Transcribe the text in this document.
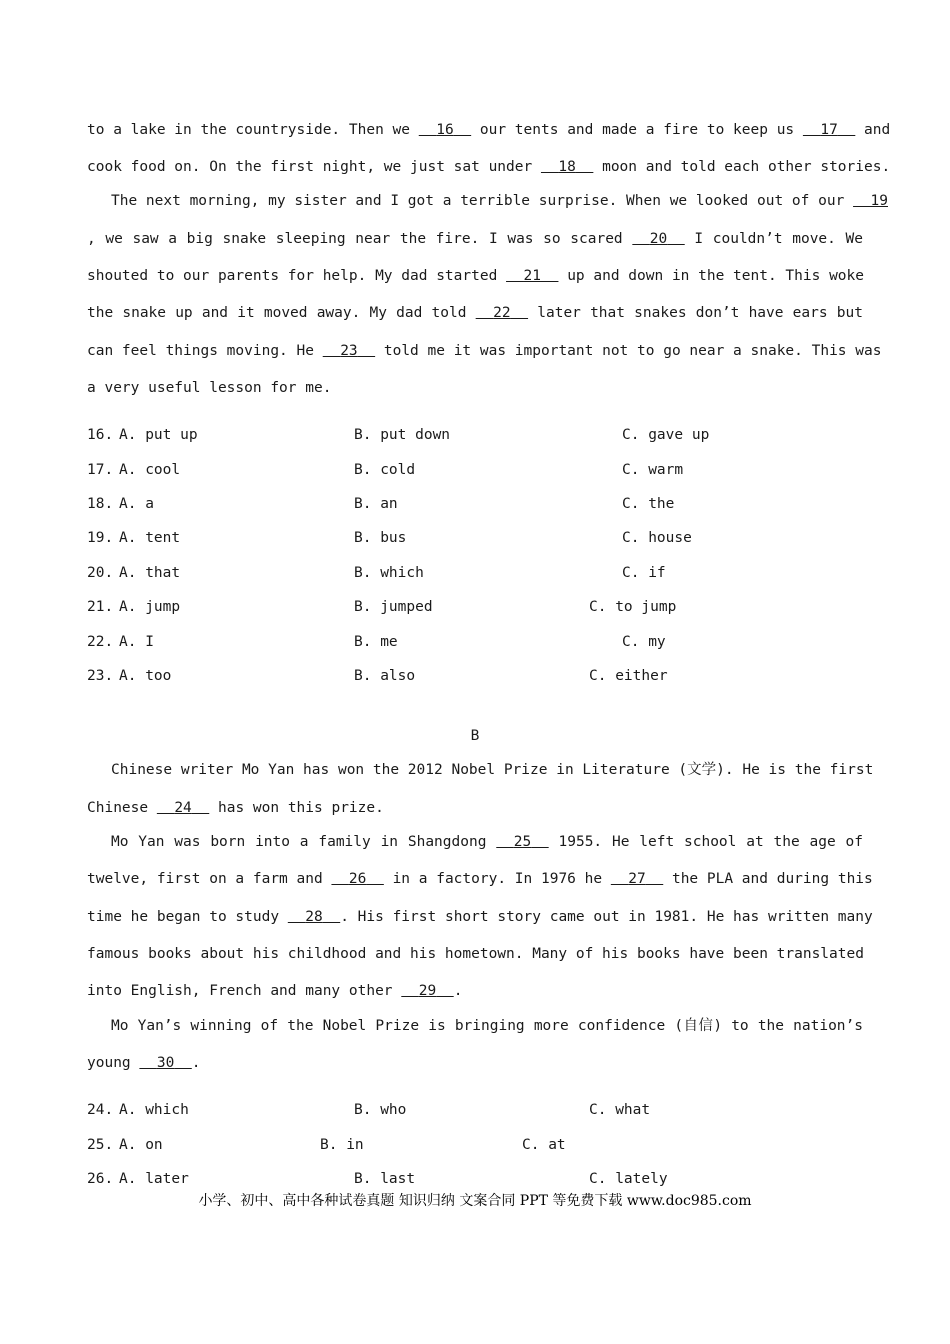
to a lake in the countryside. Then we 16 our tents and made a fire to keep us 17 and
cook food on. On the first night, we just sat under 18 moon and told each other stories.
The next morning, my sister and I got a terrible surprise. When we looked out of our 19
, we saw a big snake sleeping near the fire. I was so scared 20 I couldn’t move. We
shouted to our parents for help. My dad started 21 up and down in the tent. This woke
the snake up and it moved away. My dad told 22 later that snakes don’t have ears but
can feel things moving. He 23 told me it was important not to go near a snake. This was
a very useful lesson for me.
16. A. put up	B. put down	C. gave up
17. A. cool	B. cold	C. warm
18. A. a	B. an	C. the
19. A. tent	B. bus	C. house
20. A. that	B. which	C. if
21. A. jump	B. jumped	C. to jump
22. A. I	B. me	C. my
23. A. too	B. also	C. either
B
Chinese writer Mo Yan has won the 2012 Nobel Prize in Literature (文学). He is the first
Chinese 24 has won this prize.
Mo Yan was born into a family in Shangdong 25 1955. He left school at the age of
twelve, first on a farm and 26 in a factory. In 1976 he 27 the PLA and during this
time he began to study 28 . His first short story came out in 1981. He has written many
famous books about his childhood and his hometown. Many of his books have been translated
into English, French and many other 29 .
Mo Yan’s winning of the Nobel Prize is bringing more confidence (自信) to the nation’s
young 30 .
24. A. which	B. who	C. what
25. A. on	B. in	C. at
26. A. later	B. last	C. lately
小学、初中、高中各种试卷真题 知识归纳 文案合同 PPT 等免费下载 www.doc985.com
